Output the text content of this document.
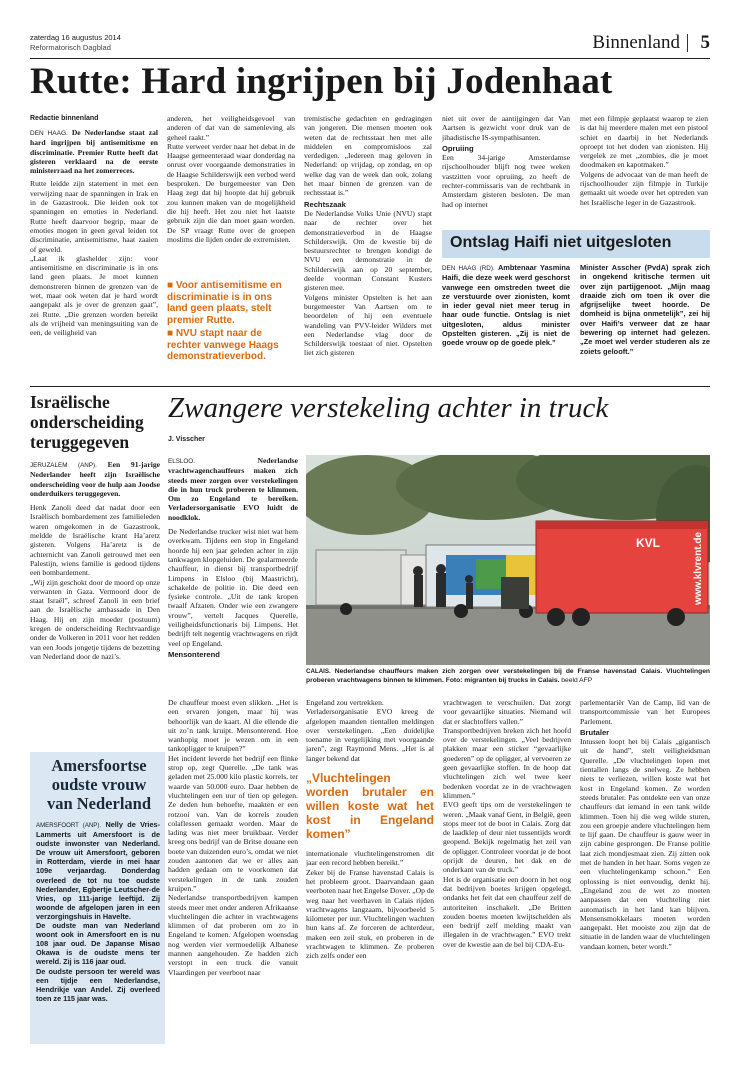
zaterdag 16 augustus 2014
Reformatorisch Dagblad	Binnenland 5
Rutte: Hard ingrijpen bij Jodenhaat
Redactie binnenland

DEN HAAG. De Nederlandse staat zal hard ingrijpen bij antisemitisme en discriminatie. Premier Rutte heeft dat gisteren verklaard na de eerste ministerraad na het zomerreces.

Rutte leidde zijn statement in met een verwijzing naar de spanningen in Irak en in de Gazastrook. Die leiden ook tot spanningen en emoties in Nederland. Rutte heeft daarvoor begrip, maar de emoties mogen in geen geval leiden tot discriminatie, antisemitisme, haat zaaien of geweld.
„Laat ik glashelder zijn: voor antisemitisme en discriminatie is in ons land geen plaats. Je moet kunnen demonstreren binnen de grenzen van de wet, maar ook weten dat je hard wordt aangepakt als je over de grenzen gaat”, zei Rutte. „Die grenzen worden bereikt als de vrijheid van meningsuiting van de een, de veiligheid van

anderen, het veiligheidsgevoel van anderen of dat van de samenleving als geheel raakt.”
Rutte verweet verder naar het debat in de Haagse gemeenteraad waar donderdag na onrust over voorgaande demonstraties in de Haagse Schilderswijk een verbod werd besproken. De burgemeester van Den Haag zegt dat hij hoopte dat hij gebruik zou kunnen maken van de mogelijkheid die hij heeft. Het zou niet het laatste gebruik zijn die dan moet gaan worden. De SP vraagt Rutte over de groepen moslims die lijden onder de extremisten.

■ Voor antisemitisme en discriminatie is in ons land geen plaats, stelt premier Rutte.
■ NVU stapt naar de rechter vanwege Haags demonstratieverbod.

tremistische gedachten en gedragingen van jongeren. Die mensen moeten ook weten dat de rechtsstaat hen met alle middelen en compromisloos zal verdedigen. „Iedereen mag geloven in Nederland: op vrijdag, op zondag, en op welke dag van de week dan ook, zolang het maar binnen de grenzen van de rechtsstaat is.”

Rechtszaak

De Nederlandse Volks Unie (NVU) stapt naar de rechter over het demonstratieverbod in de Haagse Schilderswijk. Om de kwestie bij de bestuursrechter te brengen kondigt de NVU een demonstratie in de Schilderswijk aan op 20 september, deelde voorman Constant Kusters gisteren mee.
Volgens minister Opstelten is het aan burgemeester Van Aartsen om te beoordelen of hij een eventuele wandeling van PVV-leider Wilders met een Nederlandse vlag door de Schilderswijk toestaat of niet. Opstelten liet zich gisteren

niet uit over de aantijgingen dat Van Aartsen is gezwicht voor druk van de jihadistische IS-sympathisanten.

Opruiing

Een 34-jarige Amsterdamse rijschoolhouder blijft nog twee weken vastzitten voor opruiing, zo heeft de rechter-commissaris van de rechtbank in Amsterdam gisteren besloten. De man had op internet

met een filmpje geplaatst waarop te zien is dat hij meerdere malen met een pistool schiet en daarbij in het Nederlands oproept tot het doden van zionisten. Hij vergelek ze met „zombies, die je moet doodmaken en kapotmaken.”
Volgens de advocaat van de man heeft de rijschoolhouder zijn filmpje in Turkije gemaakt uit woede over het optreden van het Israëlische leger in de Gazastrook.

Ontslag Haifi niet uitgesloten
DEN HAAG (RD). Ambtenaar Yasmina Haifi, die deze week werd geschorst vanwege een omstreden tweet die ze verstuurde over zionisten, komt in ieder geval niet meer terug in haar oude functie. Ontslag is niet uitgesloten, aldus minister Opstelten gisteren. „Zij is niet de goede vrouw op de goede plek.”
Minister Asscher (PvdA) sprak zich in ongekend kritische termen uit over zijn partijgenoot. „Mijn maag draaide zich om toen ik over die afgrijselijke tweet hoorde. De domheid is bijna onmetelijk”, zei hij over Haifi’s verweer dat ze haar bewering op internet had gelezen. „Ze moet wel verder studeren als ze zoiets gelooft.”
Israëlische onderscheiding teruggegeven

JERUZALEM (ANP). Een 91-jarige Nederlander heeft zijn Israëlische onderscheiding voor de hulp aan Joodse onderduikers teruggegeven.

Henk Zanoli deed dat nadat door een Israëlisch bombardement zes familieleden waren omgekomen in de Gazastrook, meldde de Israëlische krant Ha’aretz gisteren. Volgens Ha’aretz is de achternicht van Zanoli getrouwd met een Palestijn, wiens familie is gedood tijdens een bombardement.
„Wij zijn geschokt door de moord op onze verwanten in Gaza. Vermoord door de staat Israël”, schreef Zanoli in een brief aan de Israëlische ambassade in Den Haag. Hij en zijn moeder (postuum) kregen de onderscheiding Rechtvaardige onder de Volkeren in 2011 voor het redden van een Joods jongetje tijdens de bezetting van Nederland door de nazi’s.

Amersfoortse oudste vrouw van Nederland
AMERSFOORT (ANP). Nelly de Vries-Lammerts uit Amersfoort is de oudste inwonster van Nederland. De vrouw uit Amersfoort, geboren in Rotterdam, vierde in mei haar 109e verjaardag. Donderdag overleed de tot nu toe oudste Nederlander, Egbertje Leutscher-de Vries, op 111-jarige leeftijd. Zij woonde de afgelopen jaren in een verzorgingshuis in Havelte.
De oudste man van Nederland woont ook in Amersfoort en is nu 108 jaar oud. De Japanse Misao Okawa is de oudste mens ter wereld. Zij is 116 jaar oud.
De oudste persoon ter wereld was een tijdje een Nederlandse, Hendrikje van Andel. Zij overleed toen ze 115 jaar was.
Zwangere verstekeling achter in truck
J. Visscher

ELSLOO.	Nederlandse vrachtwagenchauffeurs maken zich steeds meer zorgen over verstekelingen die in hun truck proberen te klimmen. Om zo Engeland te bereiken. Verladersorganisatie EVO luidt de noodklok.

De Nederlandse trucker wist niet wat hem overkwam. Tijdens een stop in Engeland hoorde hij een jaar geleden achter in zijn tankwagen klopgeluiden. De gealarmeerde chauffeur, in dienst bij transportbedrijf Limpens in Elsloo (bij Maastricht), schakelde de politie in. Die deed een fysieke controle. „Uit de tank kropen twaalf Afzaten. Onder wie een zwangere vrouw”, vertelt Jacques Querelle, veiligheidsfunctionaris bij Limpens. Het bedrijft telt negentig vrachtwagens en rijdt veel op Engeland.

Mensonterend

KVL	www.klvrent.de
CALAIS. Nederlandse chauffeurs maken zich zorgen over verstekelingen bij de Franse havenstad Calais. Vluchtelingen proberen vrachtwagens binnen te klimmen. Foto: migranten bij trucks in Calais. beeld AFP

De chauffeur moest even slikken. „Het is een ervaren jongen, maar hij was behoorlijk van de kaart. Al die ellende die uit zo’n tank kruipt. Mensonterend. Hoe wanhopig moet je wezen om in een tankopligger te kruipen?”
Het incident leverde het bedrijf een flinke strop op, zegt Querelle. „De tank was geladen met 25.000 kilo plastic korrels, ter waarde van 50.000 euro. Daar hebben de vluchtelingen een uur of tien op gelegen. Ze deden hun behoefte, maakten er een rotzooi van. Van de korrels zouden colaflessen gemaakt worden. Maar de lading was niet meer bruikbaar. Verder kreeg ons bedrijf van de Britse douane een boete van duizenden euro’s, omdat we niet zouden aantonen dat we er alles aan hadden gedaan om te voorkomen dat verstekelingen in de tank zouden kruipen.”
Nederlandse transportbedrijven kampen steeds meer met onder anderen Afrikaanse vluchtelingen die achter in vrachtwagens klimmen of dat proberen om zo in Engeland te komen. Afgelopen woensdag nog werden vier vermoedelijk Albanese mannen aangehouden. Ze hadden zich verstopt in een truck die vanuit Vlaardingen per veerboot naar

Engeland zou vertrekken.
Verladersorganisatie EVO kreeg de afgelopen maanden tientallen meldingen over verstekelingen. „Een duidelijke toename in vergelijking met voorgaande jaren”, zegt Raymond Mens. „Het is al langer bekend dat

„Vluchtelingen worden brutaler en willen koste wat het kost in Engeland komen”

internationale vluchtelingenstromen dit jaar een record hebben bereikt.”
Zeker bij de Franse havenstad Calais is het probleem groot. Daarvandaan gaan veerboten naar het Engelse Dover. „Op de weg naar het veerhaven in Calais rijden vrachtwagens langzaam, bijvoorbeeld 5 kilometer per uur. Vluchtelingen wachten hun kans af. Ze forceren de achterdeur, maken een zeil stuk, en proberen in de vrachtwagen te klimmen. Ze proberen zich zelfs onder een

vrachtwagen te verschuilen. Dat zorgt voor gevaarlijke situaties. Niemand wil dat er slachtoffers vallen.”
Transportbedrijven breken zich het hoofd over de verstekelingen. „Veel bedrijven plakken maar een sticker “gevaarlijke goederen” op de opligger, al vervoeren ze geen gevaarlijke stoffen. In de hoop dat vluchtelingen zich wel twee keer bedenken voordat ze in de vrachtwagen klimmen.”
EVO geeft tips om de verstekelingen te weren. „Maak vanaf Gent, in België, geen stops meer tot de boot in Calais. Zorg dat de laadklep of deur niet tussentijds wordt geopend. Bekijk regelmatig het zeil van de opligger. Controleer voordat je de boot oprijdt de deuren, het dak en de onderkant van de truck.”
Het is de organisatie een doorn in het oog dat bedrijven boetes krijgen opgelegd, ondanks het feit dat een chauffeur zelf de autoriteiten inschakelt. „De Britten zouden boetes moeten kwijtschelden als een bedrijf zelf melding maakt van illegalen in de vrachtwagen.” EVO trekt over de kwestie aan de bel bij CDA-Eu-

parlementariër Van de Camp, lid van de transportcommissie van het Europees Parlement.

Brutaler

Intussen loopt het bij Calais „gigantisch uit de hand”, stelt veiligheidsman Querelle. „De vluchtelingen lopen met tientallen langs de snelweg. Ze hebben niets te verliezen, willen koste wat het kost in Engeland komen. Ze worden steeds brutaler. Pas ontdekte een van onze chauffeurs dat iemand in een tank wilde klimmen. Toen hij die weg wilde sturen, zou een groepje andere vluchtelingen hem te lijf gaan. De chauffeur is gauw weer in zijn cabine gesprongen. De Franse politie laat zich mondjesmaat zien. Zij zitten ook met de handen in het haar. Soms vegen ze een vluchtelingenkamp schoon.” Een oplossing is niet eenvoudig, denkt hij. „Engeland zou de wet zo moeten aanpassen dat een vluchteling niet automatisch in het land kan blijven. Mensensmokkelaars moeten worden aangepakt. Het mooiste zou zijn dat de situatie in de landen waar de vluchtelingen vandaan komen, beter wordt.”
